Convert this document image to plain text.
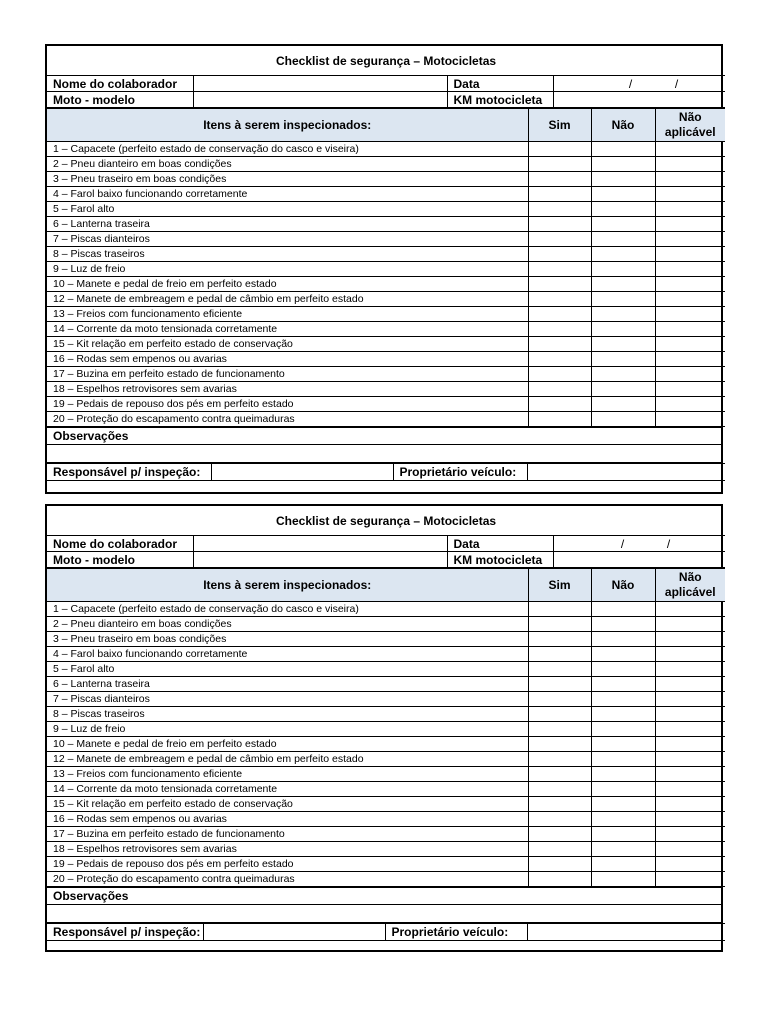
Checklist de segurança – Motocicletas			
Nome do colaborador		Data	/ /
Moto - modelo		KM motocicleta	
Itens à serem inspecionados:	Sim	Não	Não aplicável
1 – Capacete (perfeito estado de conservação do casco e viseira)			
2 – Pneu dianteiro em boas condições			
3 – Pneu traseiro em boas condições			
4 – Farol baixo funcionando corretamente			
5 – Farol alto			
6 – Lanterna traseira			
7 – Piscas dianteiros			
8 – Piscas traseiros			
9 – Luz de freio			
10 – Manete e pedal de freio em perfeito estado			
12 – Manete de embreagem e pedal de câmbio em perfeito estado			
13 – Freios com funcionamento eficiente			
14 – Corrente da moto tensionada corretamente			
15 – Kit relação em perfeito estado de conservação			
16 – Rodas sem empenos ou avarias			
17 – Buzina em perfeito estado de funcionamento			
18 – Espelhos retrovisores sem avarias			
19 – Pedais de repouso dos pés em perfeito estado			
20 – Proteção do escapamento contra queimaduras			
Observações

Responsável p/ inspeção:		Proprietário veículo:	
Checklist de segurança – Motocicletas			
Nome do colaborador		Data	/ /
Moto - modelo		KM motocicleta	
Itens à serem inspecionados:	Sim	Não	Não aplicável
1 – Capacete (perfeito estado de conservação do casco e viseira)			
2 – Pneu dianteiro em boas condições			
3 – Pneu traseiro em boas condições			
4 – Farol baixo funcionando corretamente			
5 – Farol alto			
6 – Lanterna traseira			
7 – Piscas dianteiros			
8 – Piscas traseiros			
9 – Luz de freio			
10 – Manete e pedal de freio em perfeito estado			
12 – Manete de embreagem e pedal de câmbio em perfeito estado			
13 – Freios com funcionamento eficiente			
14 – Corrente da moto tensionada corretamente			
15 – Kit relação em perfeito estado de conservação			
16 – Rodas sem empenos ou avarias			
17 – Buzina em perfeito estado de funcionamento			
18 – Espelhos retrovisores sem avarias			
19 – Pedais de repouso dos pés em perfeito estado			
20 – Proteção do escapamento contra queimaduras			
Observações

Responsável p/ inspeção:		Proprietário veículo:	
